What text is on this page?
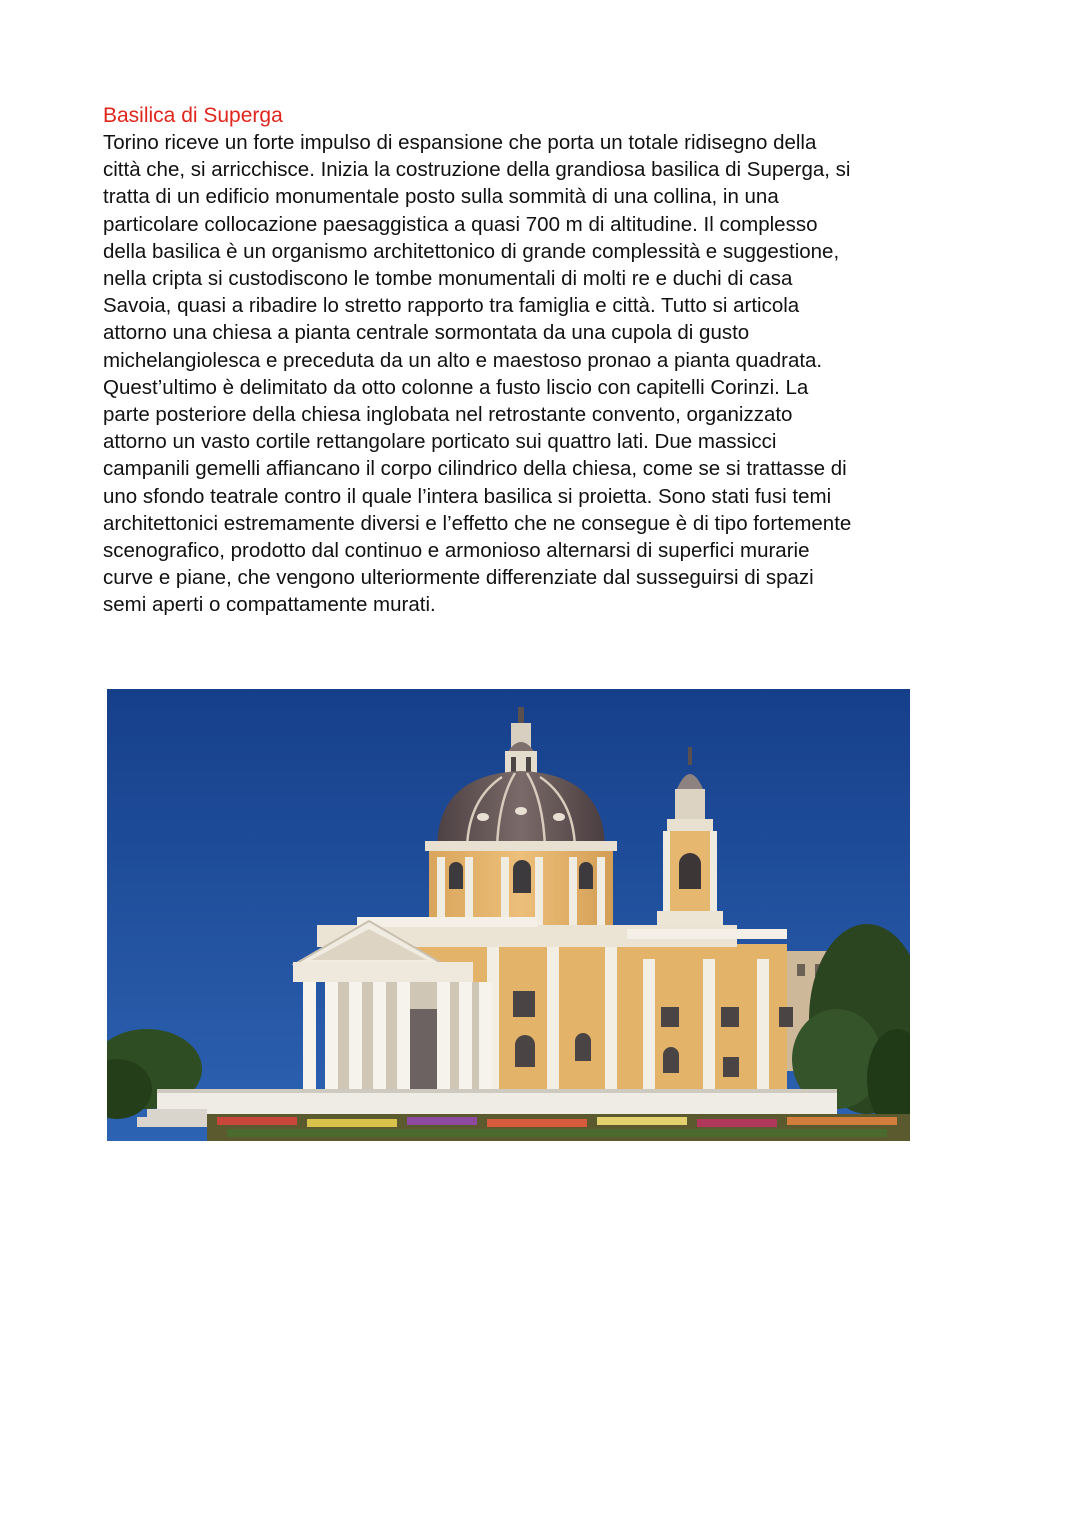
Basilica di Superga

Torino riceve un forte impulso di espansione che porta un totale ridisegno della
città che, si arricchisce. Inizia la costruzione della grandiosa basilica di Superga, si
tratta di un edificio monumentale posto sulla sommità di una collina, in una
particolare collocazione paesaggistica a quasi 700 m di altitudine. Il complesso
della basilica è un organismo architettonico di grande complessità e suggestione,
nella cripta si custodiscono le tombe monumentali di molti re e duchi di casa
Savoia, quasi a ribadire lo stretto rapporto tra famiglia e città. Tutto si articola
attorno una chiesa a pianta centrale sormontata da una cupola di gusto
michelangiolesca e preceduta da un alto e maestoso pronao a pianta quadrata.
Quest’ultimo è delimitato da otto colonne a fusto liscio con capitelli Corinzi. La
parte posteriore della chiesa inglobata nel retrostante convento, organizzato
attorno un vasto cortile rettangolare porticato sui quattro lati. Due massicci
campanili gemelli affiancano il corpo cilindrico della chiesa, come se si trattasse di
uno sfondo teatrale contro il quale l’intera basilica si proietta. Sono stati fusi temi
architettonici estremamente diversi e l’effetto che ne consegue è di tipo fortemente
scenografico, prodotto dal continuo e armonioso alternarsi di superfici murarie
curve e piane, che vengono ulteriormente differenziate dal susseguirsi di spazi
semi aperti o compattamente murati.
